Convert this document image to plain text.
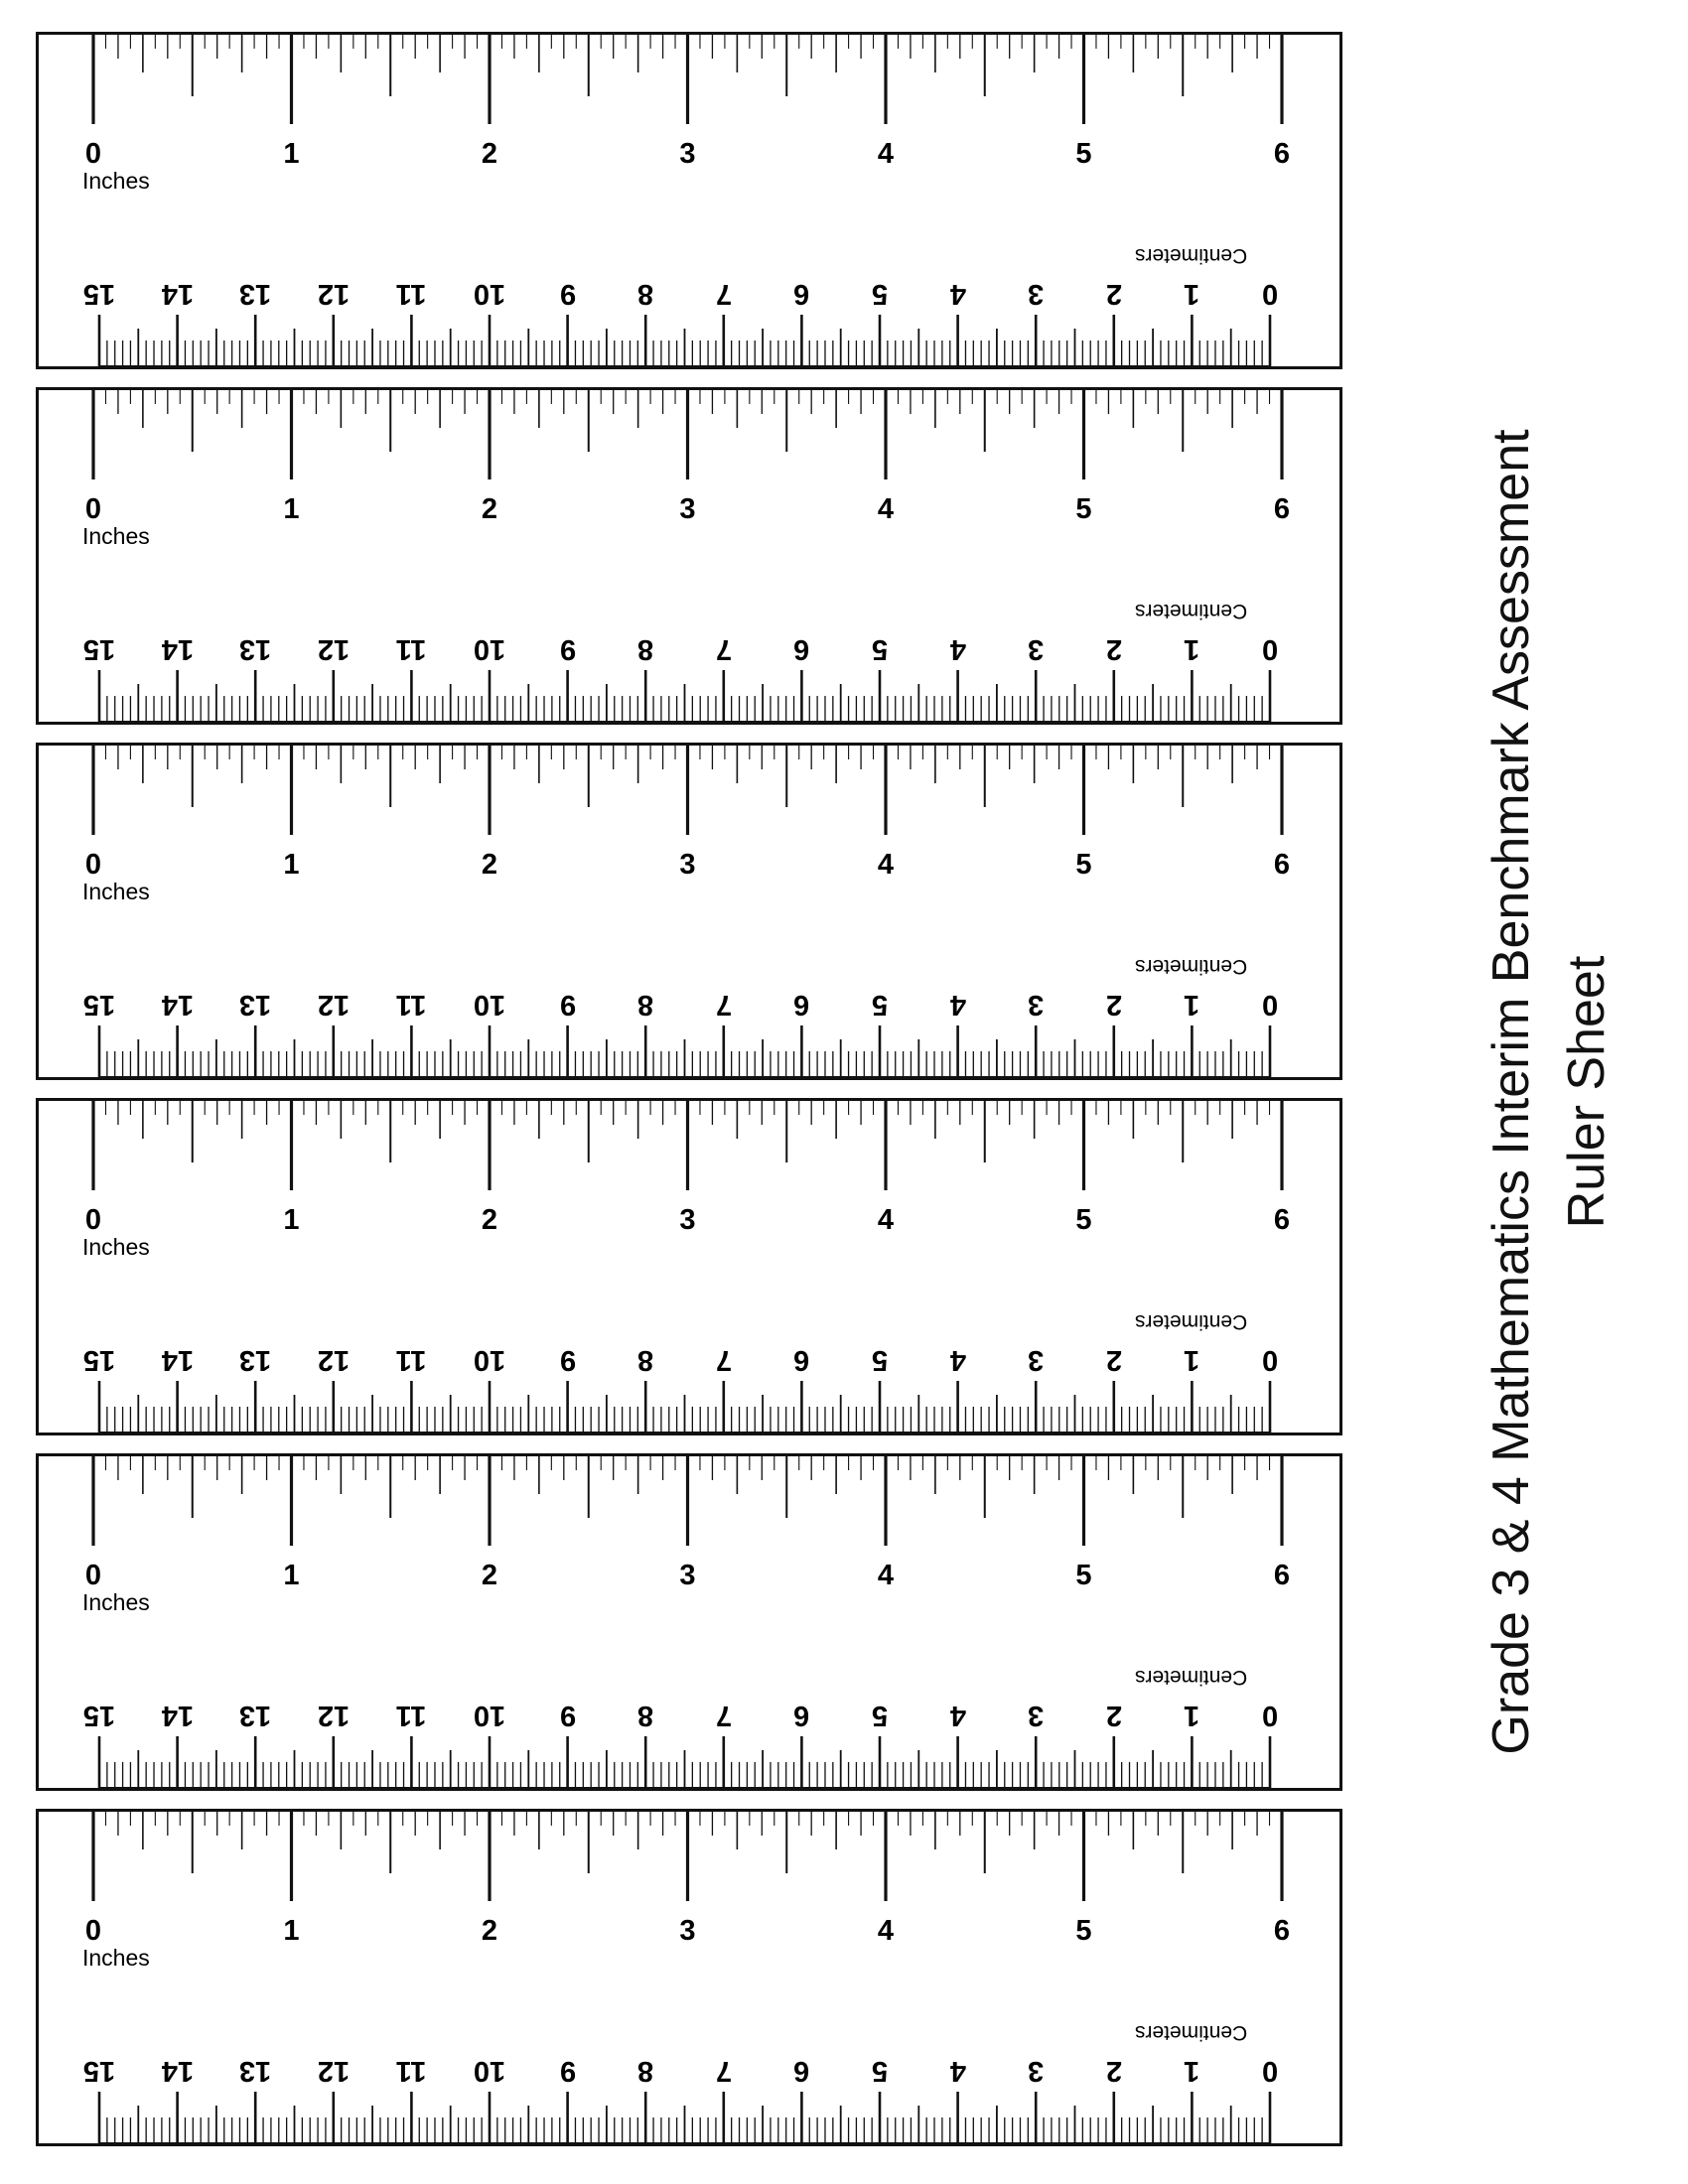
0	1	2	3	4	5	6
Inches
0
1
2
3
4
5
6
7
8
9
10
11
12
13
14
15
Centimeters
0	1	2	3	4	5	6
Inches
0
1
2
3
4
5
6
7
8
9
10
11
12
13
14
15
Centimeters
0	1	2	3	4	5	6
Inches
0
1
2
3
4
5
6
7
8
9
10
11
12
13
14
15
Centimeters
0	1	2	3	4	5	6
Inches
0
1
2
3
4
5
6
7
8
9
10
11
12
13
14
15
Centimeters
0	1	2	3	4	5	6
Inches
0
1
2
3
4
5
6
7
8
9
10
11
12
13
14
15
Centimeters
0	1	2	3	4	5	6
Inches
0
1
2
3
4
5
6
7
8
9
10
11
12
13
14
15
Centimeters
Grade 3 & 4 Mathematics Interim Benchmark Assessment Ruler Sheet
